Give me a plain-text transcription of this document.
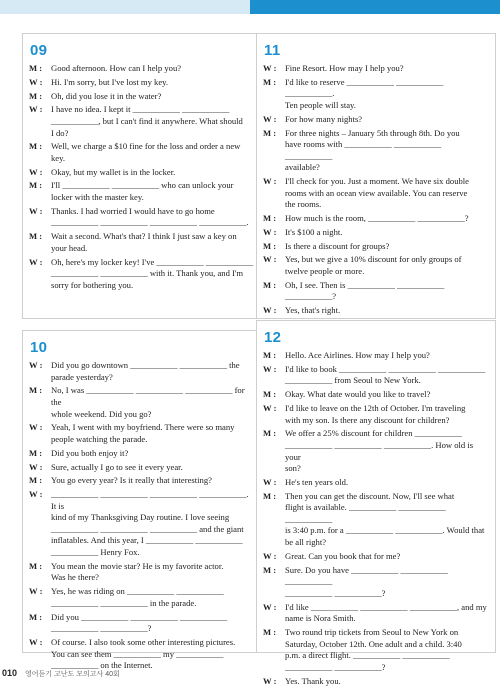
09
M :	Good afternoon. How can I help you?
W : Hi. I'm sorry, but I've lost my key.
M :	Oh, did you lose it in the water?
W : I have no idea. I kept it ___________ ___________
___________, but I can't find it anywhere. What should
I do?
M :	Well, we charge a $10 fine for the loss and order a new
key.
W : Okay, but my wallet is in the locker.
M :	I'll ___________ ___________ who can unlock your
locker with the master key.
W : Thanks. I had worried I would have to go home
___________ ___________ ___________ ___________.
M :	Wait a second. What's that? I think I just saw a key on
your head.
W : Oh, here's my locker key! I've ___________ ___________
___________ ___________ with it. Thank you, and I'm
sorry for bothering you.
10
W : Did you go downtown ___________ ___________ the
parade yesterday?
M :	No, I was ___________ ___________ ___________ for the
whole weekend. Did you go?
W : Yeah, I went with my boyfriend. There were so many
people watching the parade.
M :	Did you both enjoy it?
W : Sure, actually I go to see it every year.
M :	You go every year? Is it really that interesting?
W : ___________ ___________ ___________ ___________. It is
kind of my Thanksgiving Day routine. I love seeing
___________ ___________ ___________ and the giant
inflatables. And this year, I ___________ ___________
___________ Henry Fox.
M :	You mean the movie star? He is my favorite actor.
Was he there?
W : Yes, he was riding on ___________ ___________
___________ ___________ in the parade.
M :	Did you ___________ ___________ ___________
___________ ___________?
W : Of course. I also took some other interesting pictures.
You can see them ___________ my ___________
___________ on the Internet.
11
W : Fine Resort. How may I help you?
M :	I'd like to reserve ___________ ___________ ___________.
Ten people will stay.
W : For how many nights?
M :	For three nights – January 5th through 8th. Do you
have rooms with ___________ ___________ ___________
available?
W : I'll check for you. Just a moment. We have six double
rooms with an ocean view available. You can reserve
the rooms.
M :	How much is the room, ___________ ___________?
W : It's $100 a night.
M :	Is there a discount for groups?
W : Yes, but we give a 10% discount for only groups of
twelve people or more.
M :	Oh, I see. Then is ___________ ___________ ___________?
W : Yes, that's right.
12
M :	Hello. Ace Airlines. How may I help you?
W : I'd like to book ___________ ___________ ___________
___________ from Seoul to New York.
M :	Okay. What date would you like to travel?
W : I'd like to leave on the 12th of October. I'm traveling
with my son. Is there any discount for children?
M :	We offer a 25% discount for children ___________
___________ ___________ ___________. How old is your
son?
W : He's ten years old.
M :	Then you can get the discount. Now, I'll see what
flight is available. ___________ ___________ ___________
is 3:40 p.m. for a ___________ ___________. Would that
be all right?
W : Great. Can you book that for me?
M :	Sure. Do you have ___________ ___________ ___________
___________ ___________?
W : I'd like ___________ ___________ ___________, and my
name is Nora Smith.
M :	Two round trip tickets from Seoul to New York on
Saturday, October 12th. One adult and a child. 3:40
p.m. a direct flight. ___________ ___________
___________ ___________?
W : Yes. Thank you.
010 영어듣기 고난도 모의고사 40회
